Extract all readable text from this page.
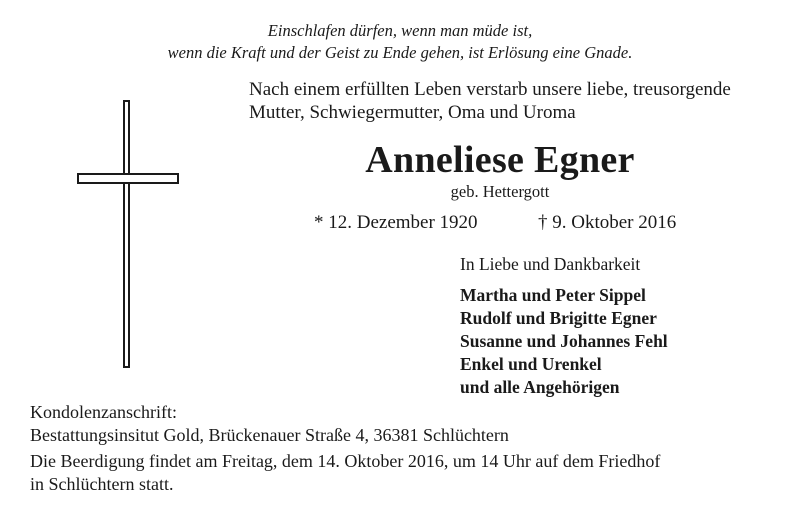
Einschlafen dürfen, wenn man müde ist,
wenn die Kraft und der Geist zu Ende gehen, ist Erlösung eine Gnade.
Nach einem erfüllten Leben verstarb unsere liebe, treusorgende
Mutter, Schwiegermutter, Oma und Uroma
Anneliese Egner
geb. Hettergott
* 12. Dezember 1920	† 9. Oktober 2016
In Liebe und Dankbarkeit
Martha und Peter Sippel
Rudolf und Brigitte Egner
Susanne und Johannes Fehl
Enkel und Urenkel
und alle Angehörigen
Kondolenzanschrift:
Bestattungsinsitut Gold, Brückenauer Straße 4, 36381 Schlüchtern
Die Beerdigung findet am Freitag, dem 14. Oktober 2016, um 14 Uhr auf dem Friedhof
in Schlüchtern statt.
